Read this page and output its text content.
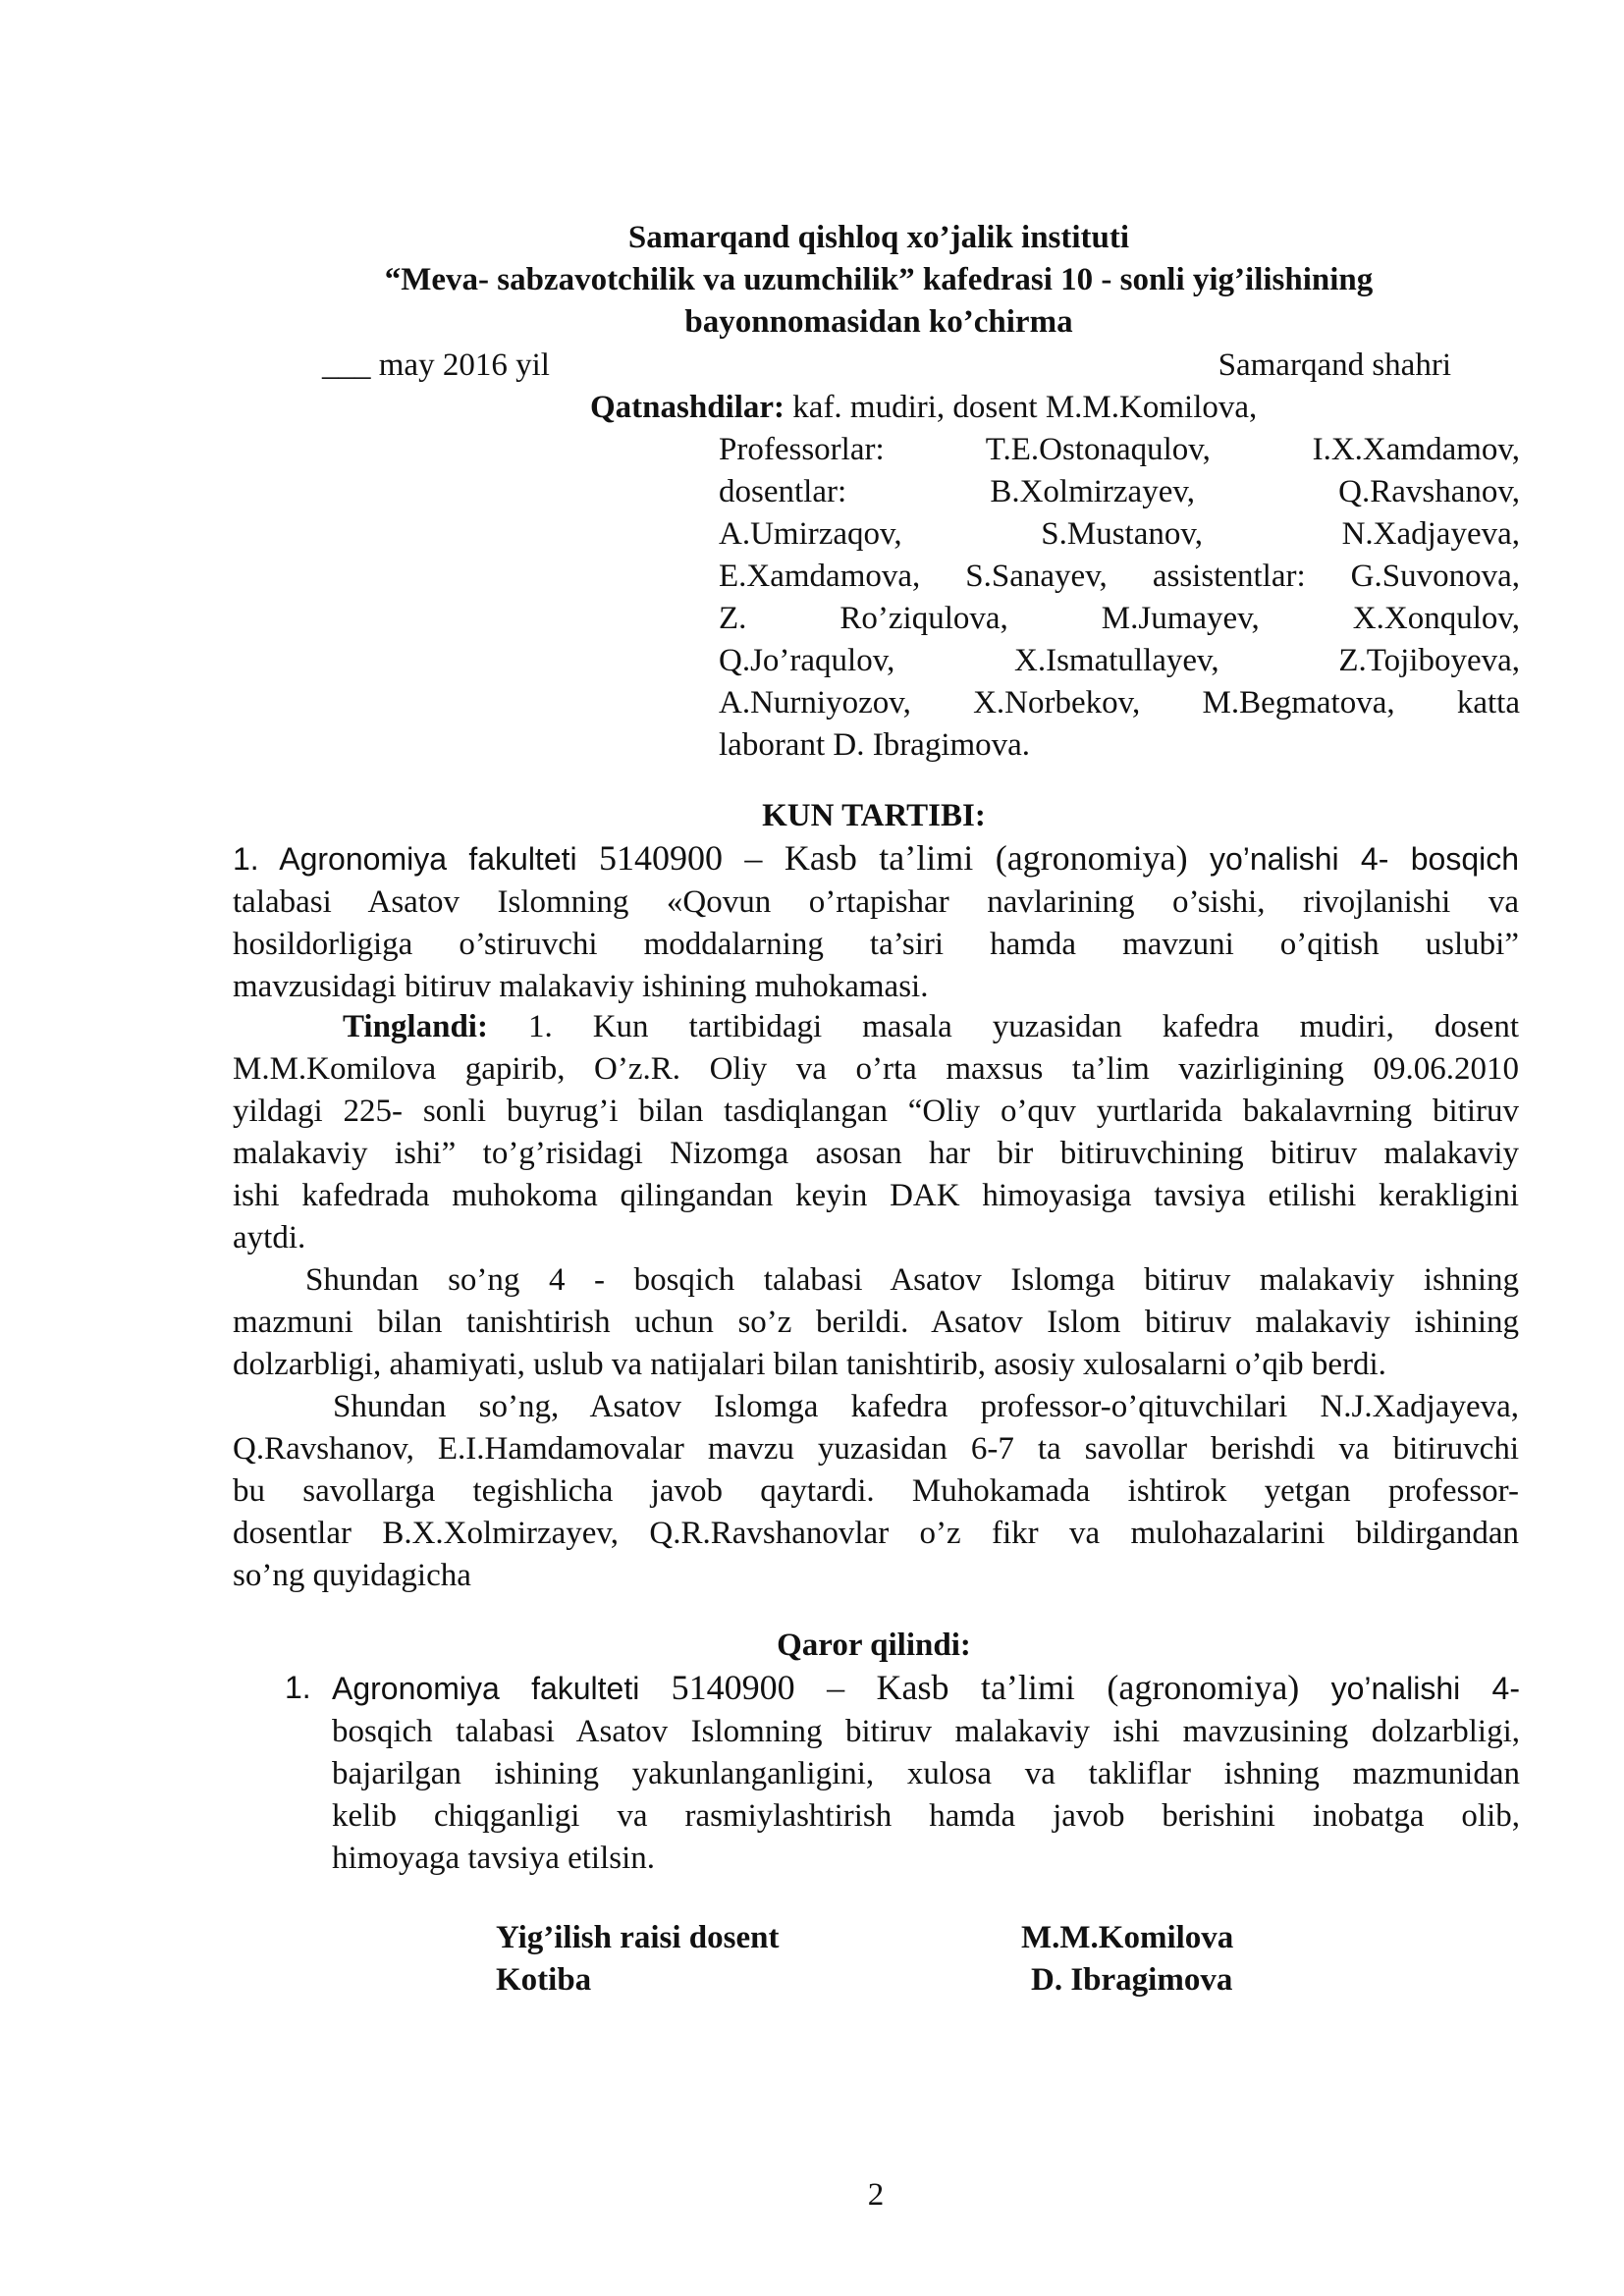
Samarqand qishloq xo’jalik instituti

“Meva- sabzavotchilik va uzumchilik” kafedrasi 10 - sonli yig’ilishining

bayonnomasidan ko’chirma

___ may 2016 yil	Samarqand shahri
Qatnashdilar: kaf. mudiri, dosent M.M.Komilova,

Professorlar: T.E.Ostonaqulov, I.X.Xamdamov,

dosentlar: B.Xolmirzayev, Q.Ravshanov,

A.Umirzaqov, S.Mustanov, N.Xadjayeva,

E.Xamdamova, S.Sanayev, assistentlar: G.Suvonova,

Z. Ro’ziqulova, M.Jumayev, X.Xonqulov,

Q.Jo’raqulov, X.Ismatullayev, Z.Tojiboyeva,

A.Nurniyozov, X.Norbekov, M.Begmatova, katta

laborant D. Ibragimova.

KUN TARTIBI:

1. Agronomiya fakulteti 5140900 – Kasb ta’limi (agronomiya) yo’nalishi 4- bosqich

talabasi Asatov Islomning «Qovun o’rtapishar navlarining o’sishi, rivojlanishi va

hosildorligiga o’stiruvchi moddalarning ta’siri hamda mavzuni o’qitish uslubi”

mavzusidagi bitiruv malakaviy ishining muhokamasi.

Tinglandi: 1. Kun tartibidagi masala yuzasidan kafedra mudiri, dosent

M.M.Komilova gapirib, O’z.R. Oliy va o’rta maxsus ta’lim vazirligining 09.06.2010

yildagi 225- sonli buyrug’i bilan tasdiqlangan “Oliy o’quv yurtlarida bakalavrning bitiruv

malakaviy ishi” to’g’risidagi Nizomga asosan har bir bitiruvchining bitiruv malakaviy

ishi kafedrada muhokoma qilingandan keyin DAK himoyasiga tavsiya etilishi kerakligini

aytdi.

Shundan so’ng 4 - bosqich talabasi Asatov Islomga bitiruv malakaviy ishning

mazmuni bilan tanishtirish uchun so’z berildi. Asatov Islom bitiruv malakaviy ishining

dolzarbligi, ahamiyati, uslub va natijalari bilan tanishtirib, asosiy xulosalarni o’qib berdi.

Shundan so’ng, Asatov Islomga kafedra professor-o’qituvchilari N.J.Xadjayeva,

Q.Ravshanov, E.I.Hamdamovalar mavzu yuzasidan 6-7 ta savollar berishdi va bitiruvchi

bu savollarga tegishlicha javob qaytardi. Muhokamada ishtirok yetgan professor-

dosentlar B.X.Xolmirzayev, Q.R.Ravshanovlar o’z fikr va mulohazalarini bildirgandan

so’ng quyidagicha

Qaror qilindi:

1. Agronomiya fakulteti 5140900 – Kasb ta’limi (agronomiya) yo’nalishi 4-

bosqich talabasi Asatov Islomning bitiruv malakaviy ishi mavzusining dolzarbligi,

bajarilgan ishining yakunlanganligini, xulosa va takliflar ishning mazmunidan

kelib chiqganligi va rasmiylashtirish hamda javob berishini inobatga olib,

himoyaga tavsiya etilsin.

Yig’ilish raisi dosent	M.M.Komilova
Kotiba	D. Ibragimova
2
